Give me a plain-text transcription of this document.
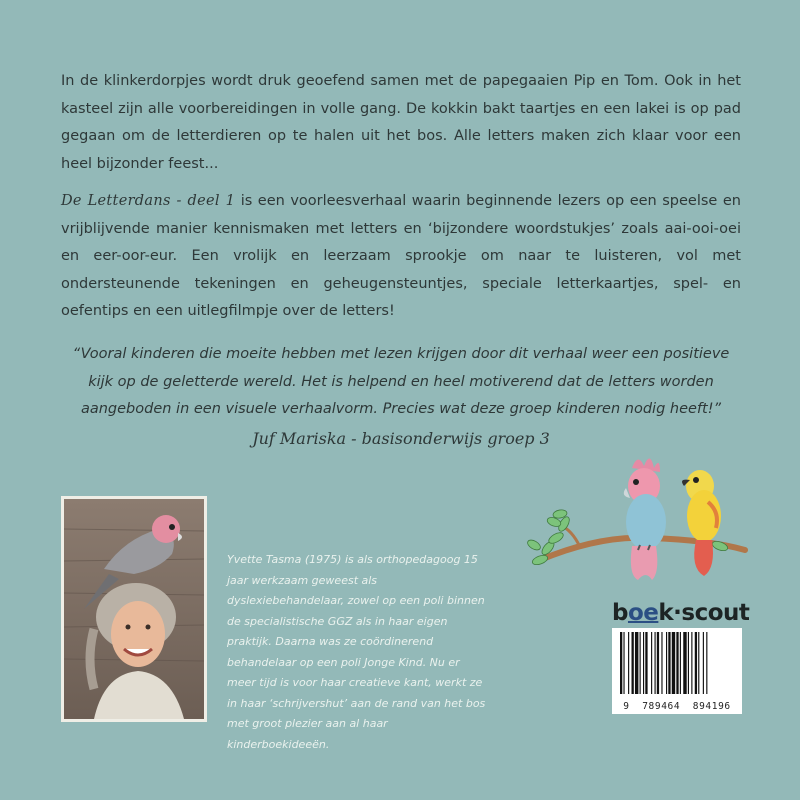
In de klinkerdorpjes wordt druk geoefend samen met de papegaaien Pip en Tom. Ook in het kasteel zijn alle voorbereidingen in volle gang. De kokkin bakt taartjes en een lakei is op pad gegaan om de letterdieren op te halen uit het bos. Alle letters maken zich klaar voor een heel bijzonder feest...

De Letterdans - deel 1 is een voorleesverhaal waarin beginnende lezers op een speelse en vrijblijvende manier kennismaken met letters en ‘bijzondere woordstukjes’ zoals aai-ooi-oei en eer-oor-eur. Een vrolijk en leerzaam sprookje om naar te luisteren, vol met ondersteunende tekeningen en geheugensteuntjes, speciale letterkaartjes, spel- en oefentips en een uitlegfilmpje over de letters!

“Vooral kinderen die moeite hebben met lezen krijgen door dit verhaal weer een positieve kijk op de geletterde wereld. Het is helpend en heel motiverend dat de letters worden aangeboden in een visuele verhaalvorm. Precies wat deze groep kinderen nodig heeft!”

Juf Mariska - basisonderwijs groep 3

Yvette Tasma (1975) is als orthopedagoog 15 jaar werkzaam geweest als dyslexiebehandelaar, zowel op een poli binnen de specialistische GGZ als in haar eigen praktijk. Daarna was ze coördinerend behandelaar op een poli Jonge Kind. Nu er meer tijd is voor haar creatieve kant, werkt ze in haar ‘schrijvershut’ aan de rand van het bos met groot plezier aan al haar kinderboekideeën.

boek·scout
9 789464 894196
